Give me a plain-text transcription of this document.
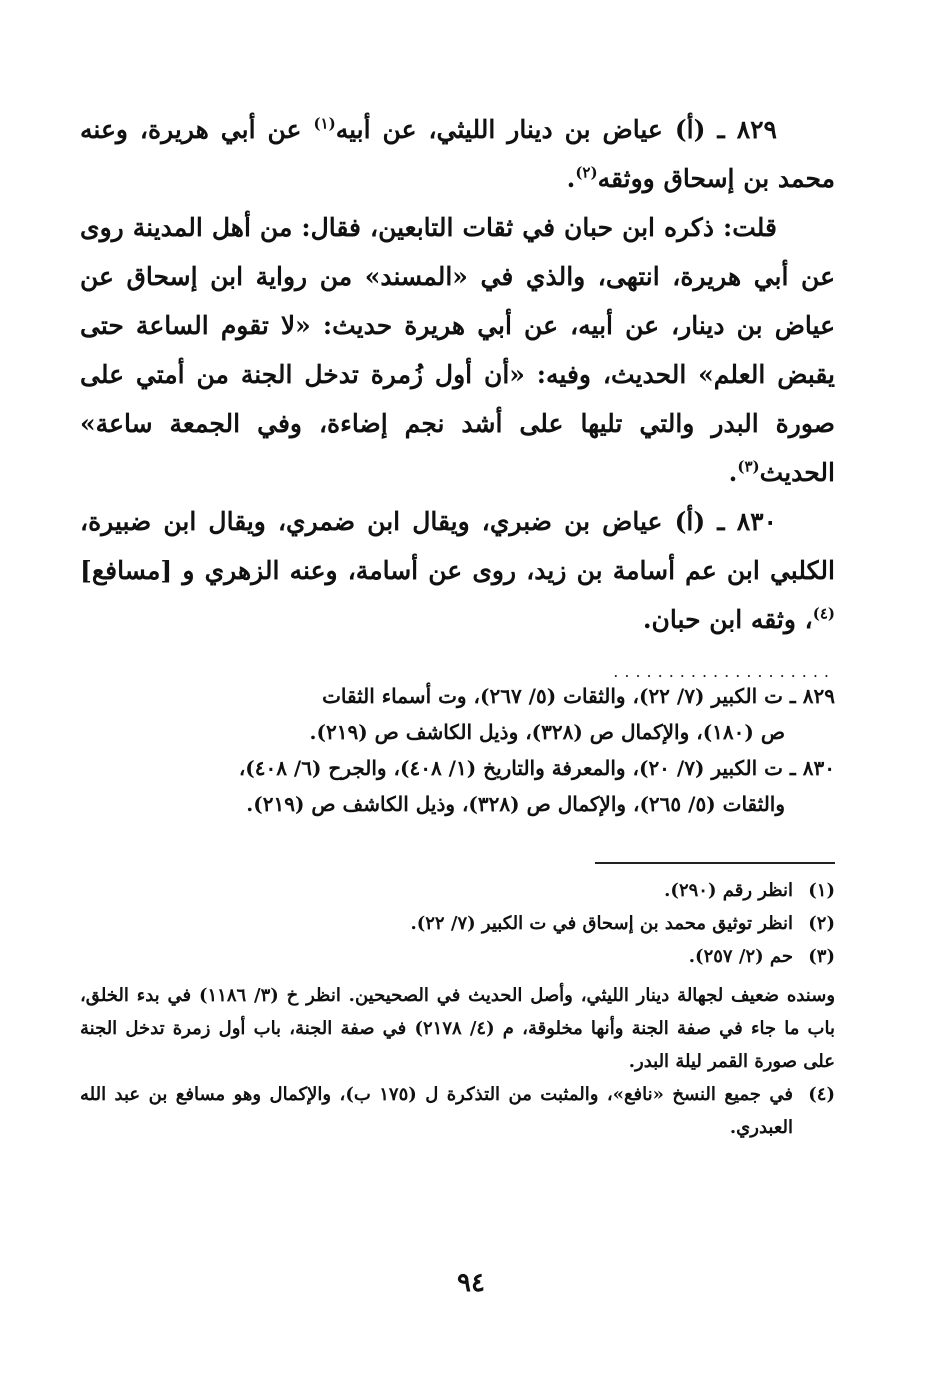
٨٢٩ ـ (أ) عياض بن دينار الليثي، عن أبيه$^{(١)}$ عن أبي هريرة، وعنه محمد بن إسحاق ووثقه$^{(٢)}$.

قلت: ذكره ابن حبان في ثقات التابعين، فقال: من أهل المدينة روى عن أبي هريرة، انتهى، والذي في «المسند» من رواية ابن إسحاق عن عياض بن دينار، عن أبيه، عن أبي هريرة حديث: «لا تقوم الساعة حتى يقبض العلم» الحديث، وفيه: «أن أول زُمرة تدخل الجنة من أمتي على صورة البدر والتي تليها على أشد نجم إضاءة، وفي الجمعة ساعة» الحديث$^{(٣)}$.

٨٣٠ ـ (أ) عياض بن ضبري، ويقال ابن ضمري، ويقال ابن ضبيرة، الكلبي ابن عم أسامة بن زيد، روى عن أسامة، وعنه الزهري و [مسافع]$^{(٤)}$، وثقه ابن حبان.

....................

٨٢٩ ـ ت الكبير (٧/ ٢٢)، والثقات (٥/ ٢٦٧)، وت أسماء الثقات
ص (١٨٠)، والإكمال ص (٣٢٨)، وذيل الكاشف ص (٢١٩).

٨٣٠ ـ ت الكبير (٧/ ٢٠)، والمعرفة والتاريخ (١/ ٤٠٨)، والجرح (٦/ ٤٠٨)،
والثقات (٥/ ٢٦٥)، والإكمال ص (٣٢٨)، وذيل الكاشف ص (٢١٩).

(١)
انظر رقم (٢٩٠).
(٢)
انظر توثيق محمد بن إسحاق في ت الكبير (٧/ ٢٢).
(٣)
حم (٢/ ٢٥٧).

وسنده ضعيف لجهالة دينار الليثي، وأصل الحديث في الصحيحين. انظر خ (٣/ ١١٨٦) في بدء الخلق، باب ما جاء في صفة الجنة وأنها مخلوقة، م (٤/ ٢١٧٨) في صفة الجنة، باب أول زمرة تدخل الجنة على صورة القمر ليلة البدر.

(٤)
في جميع النسخ «نافع»، والمثبت من التذكرة ل (١٧٥ ب)، والإكمال وهو مسافع بن عبد الله العبدري.
٩٤
